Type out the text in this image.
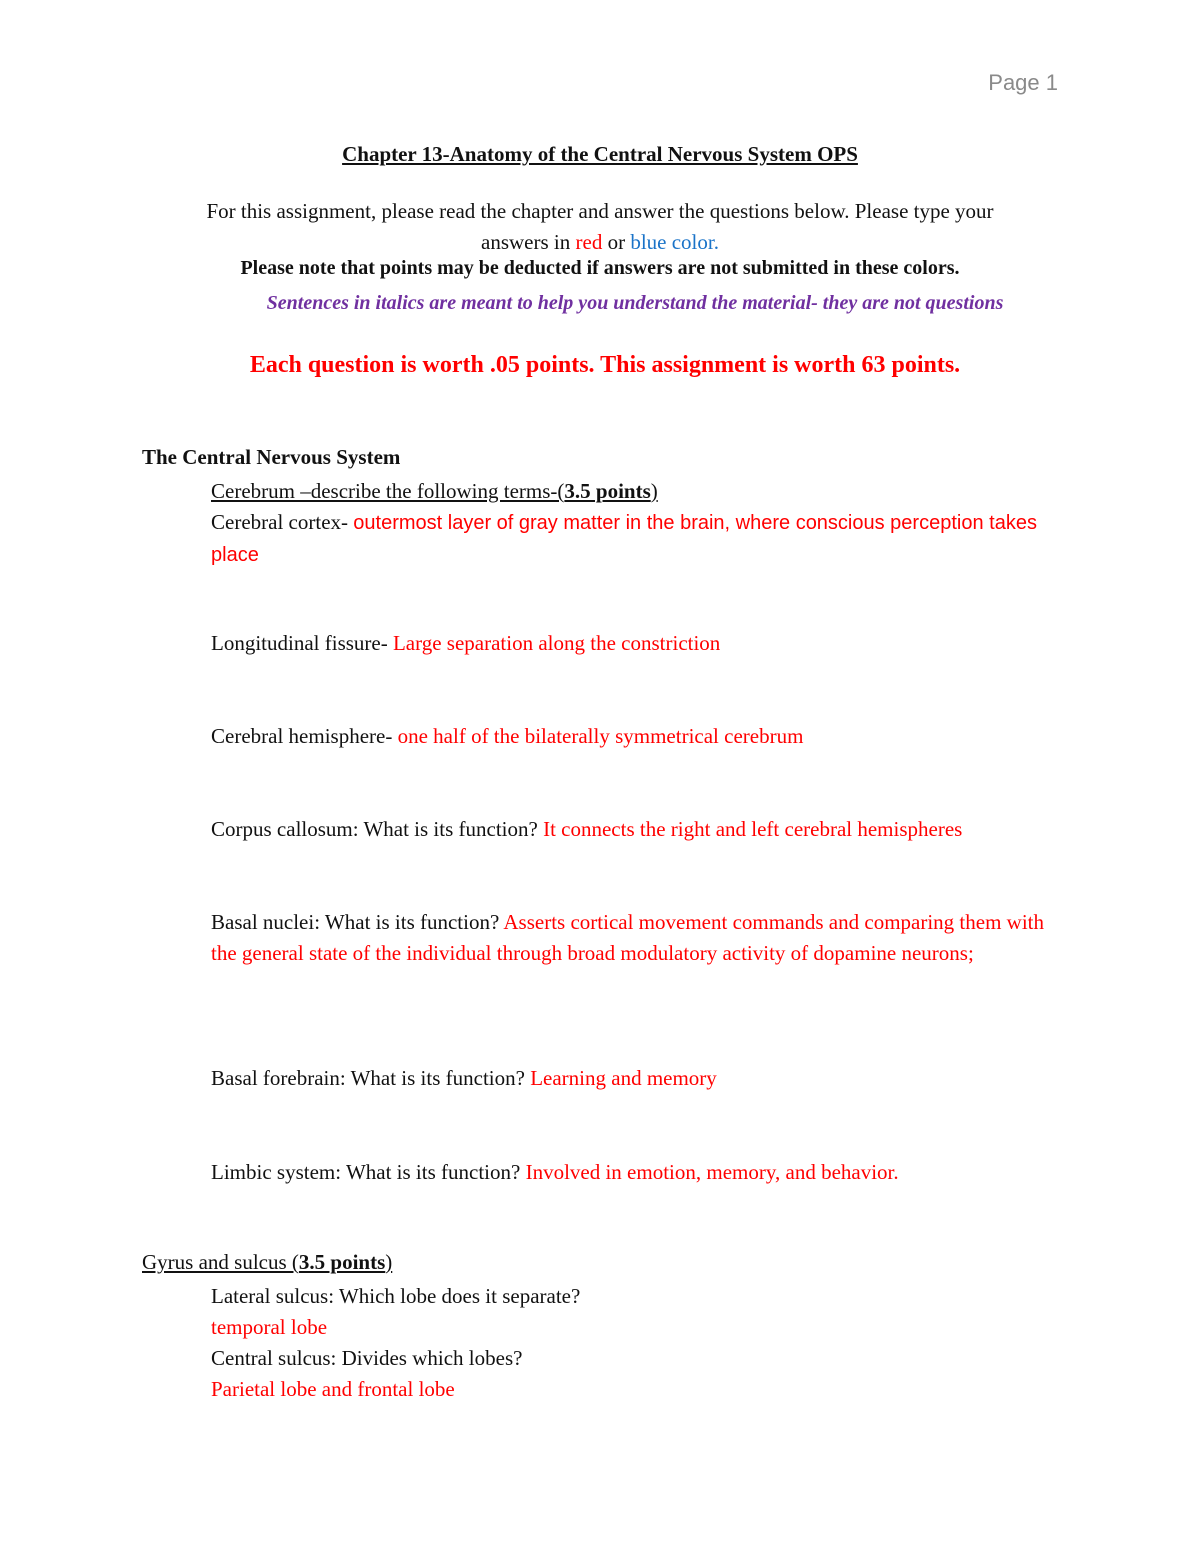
Page 1
Chapter 13-Anatomy of the Central Nervous System OPS
For this assignment, please read the chapter and answer the questions below. Please type your
answers in red or blue color.
Please note that points may be deducted if answers are not submitted in these colors.
Sentences in italics are meant to help you understand the material- they are not questions
Each question is worth .05 points. This assignment is worth 63 points.
The Central Nervous System
Cerebrum –describe the following terms-(3.5 points)
Cerebral cortex- outermost layer of gray matter in the brain, where conscious perception takes place
Longitudinal fissure- Large separation along the constriction
Cerebral hemisphere- one half of the bilaterally symmetrical cerebrum
Corpus callosum: What is its function? It connects the right and left cerebral hemispheres
Basal nuclei: What is its function? Asserts cortical movement commands and comparing them with the general state of the individual through broad modulatory activity of dopamine neurons;
Basal forebrain: What is its function? Learning and memory
Limbic system: What is its function? Involved in emotion, memory, and behavior.
Gyrus and sulcus (3.5 points)
Lateral sulcus: Which lobe does it separate?
temporal lobe
Central sulcus: Divides which lobes?
Parietal lobe and frontal lobe
